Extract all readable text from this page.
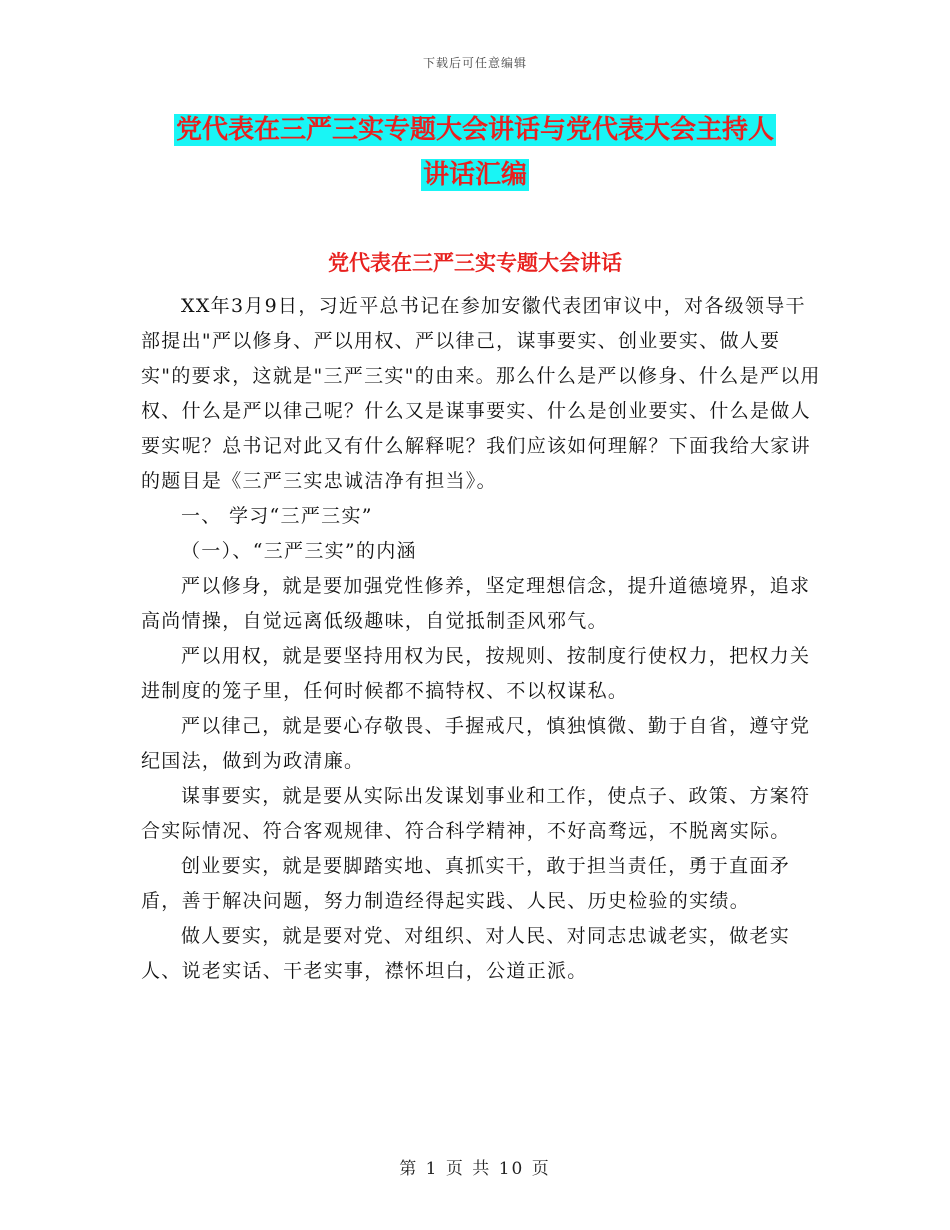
下载后可任意编辑
党代表在三严三实专题大会讲话与党代表大会主持人
讲话汇编
党代表在三严三实专题大会讲话

XX年3月9日，习近平总书记在参加安徽代表团审议中，对各级领导干部提出"严以修身、严以用权、严以律己，谋事要实、创业要实、做人要实"的要求，这就是"三严三实"的由来。那么什么是严以修身、什么是严以用权、什么是严以律己呢？什么又是谋事要实、什么是创业要实、什么是做人要实呢？总书记对此又有什么解释呢？我们应该如何理解？下面我给大家讲的题目是《三严三实忠诚洁净有担当》。

一、 学习“三严三实”

（一）、“三严三实”的内涵

严以修身，就是要加强党性修养，坚定理想信念，提升道德境界，追求高尚情操，自觉远离低级趣味，自觉抵制歪风邪气。

严以用权，就是要坚持用权为民，按规则、按制度行使权力，把权力关进制度的笼子里，任何时候都不搞特权、不以权谋私。

严以律己，就是要心存敬畏、手握戒尺，慎独慎微、勤于自省，遵守党纪国法，做到为政清廉。

谋事要实，就是要从实际出发谋划事业和工作，使点子、政策、方案符合实际情况、符合客观规律、符合科学精神，不好高骛远，不脱离实际。

创业要实，就是要脚踏实地、真抓实干，敢于担当责任，勇于直面矛盾，善于解决问题，努力制造经得起实践、人民、历史检验的实绩。

做人要实，就是要对党、对组织、对人民、对同志忠诚老实，做老实人、说老实话、干老实事，襟怀坦白，公道正派。

第 1 页 共 10 页
